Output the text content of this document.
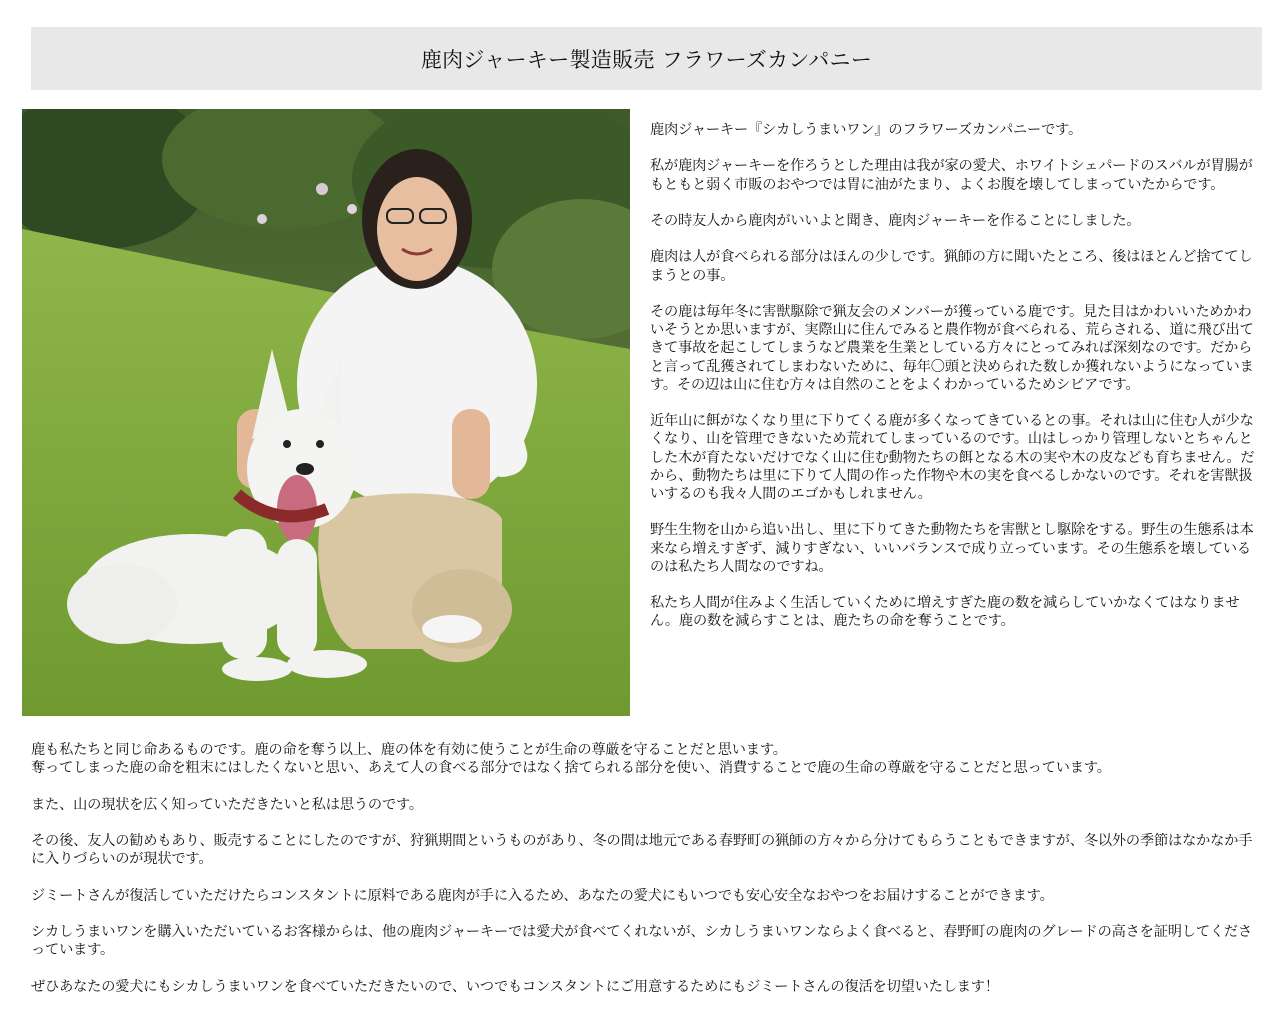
鹿肉ジャーキー製造販売 フラワーズカンパニー

鹿肉ジャーキー『シカしうまいワン』のフラワーズカンパニーです。

私が鹿肉ジャーキーを作ろうとした理由は我が家の愛犬、ホワイトシェパードのスバルが胃腸がもともと弱く市販のおやつでは胃に油がたまり、よくお腹を壊してしまっていたからです。

その時友人から鹿肉がいいよと聞き、鹿肉ジャーキーを作ることにしました。

鹿肉は人が食べられる部分はほんの少しです。猟師の方に聞いたところ、後はほとんど捨ててしまうとの事。

その鹿は毎年冬に害獣駆除で猟友会のメンバーが獲っている鹿です。見た目はかわいいためかわいそうとか思いますが、実際山に住んでみると農作物が食べられる、荒らされる、道に飛び出てきて事故を起こしてしまうなど農業を生業としている方々にとってみれば深刻なのです。だからと言って乱獲されてしまわないために、毎年〇頭と決められた数しか獲れないようになっています。その辺は山に住む方々は自然のことをよくわかっているためシビアです。

近年山に餌がなくなり里に下りてくる鹿が多くなってきているとの事。それは山に住む人が少なくなり、山を管理できないため荒れてしまっているのです。山はしっかり管理しないとちゃんとした木が育たないだけでなく山に住む動物たちの餌となる木の実や木の皮なども育ちません。だから、動物たちは里に下りて人間の作った作物や木の実を食べるしかないのです。それを害獣扱いするのも我々人間のエゴかもしれません。

野生生物を山から追い出し、里に下りてきた動物たちを害獣とし駆除をする。野生の生態系は本来なら増えすぎず、減りすぎない、いいバランスで成り立っています。その生態系を壊しているのは私たち人間なのですね。

私たち人間が住みよく生活していくために増えすぎた鹿の数を減らしていかなくてはなりません。鹿の数を減らすことは、鹿たちの命を奪うことです。

鹿も私たちと同じ命あるものです。鹿の命を奪う以上、鹿の体を有効に使うことが生命の尊厳を守ることだと思います。
奪ってしまった鹿の命を粗末にはしたくないと思い、あえて人の食べる部分ではなく捨てられる部分を使い、消費することで鹿の生命の尊厳を守ることだと思っています。

また、山の現状を広く知っていただきたいと私は思うのです。

その後、友人の勧めもあり、販売することにしたのですが、狩猟期間というものがあり、冬の間は地元である春野町の猟師の方々から分けてもらうこともできますが、冬以外の季節はなかなか手に入りづらいのが現状です。

ジミートさんが復活していただけたらコンスタントに原料である鹿肉が手に入るため、あなたの愛犬にもいつでも安心安全なおやつをお届けすることができます。

シカしうまいワンを購入いただいているお客様からは、他の鹿肉ジャーキーでは愛犬が食べてくれないが、シカしうまいワンならよく食べると、春野町の鹿肉のグレードの高さを証明してくださっています。

ぜひあなたの愛犬にもシカしうまいワンを食べていただきたいので、いつでもコンスタントにご用意するためにもジミートさんの復活を切望いたします！
